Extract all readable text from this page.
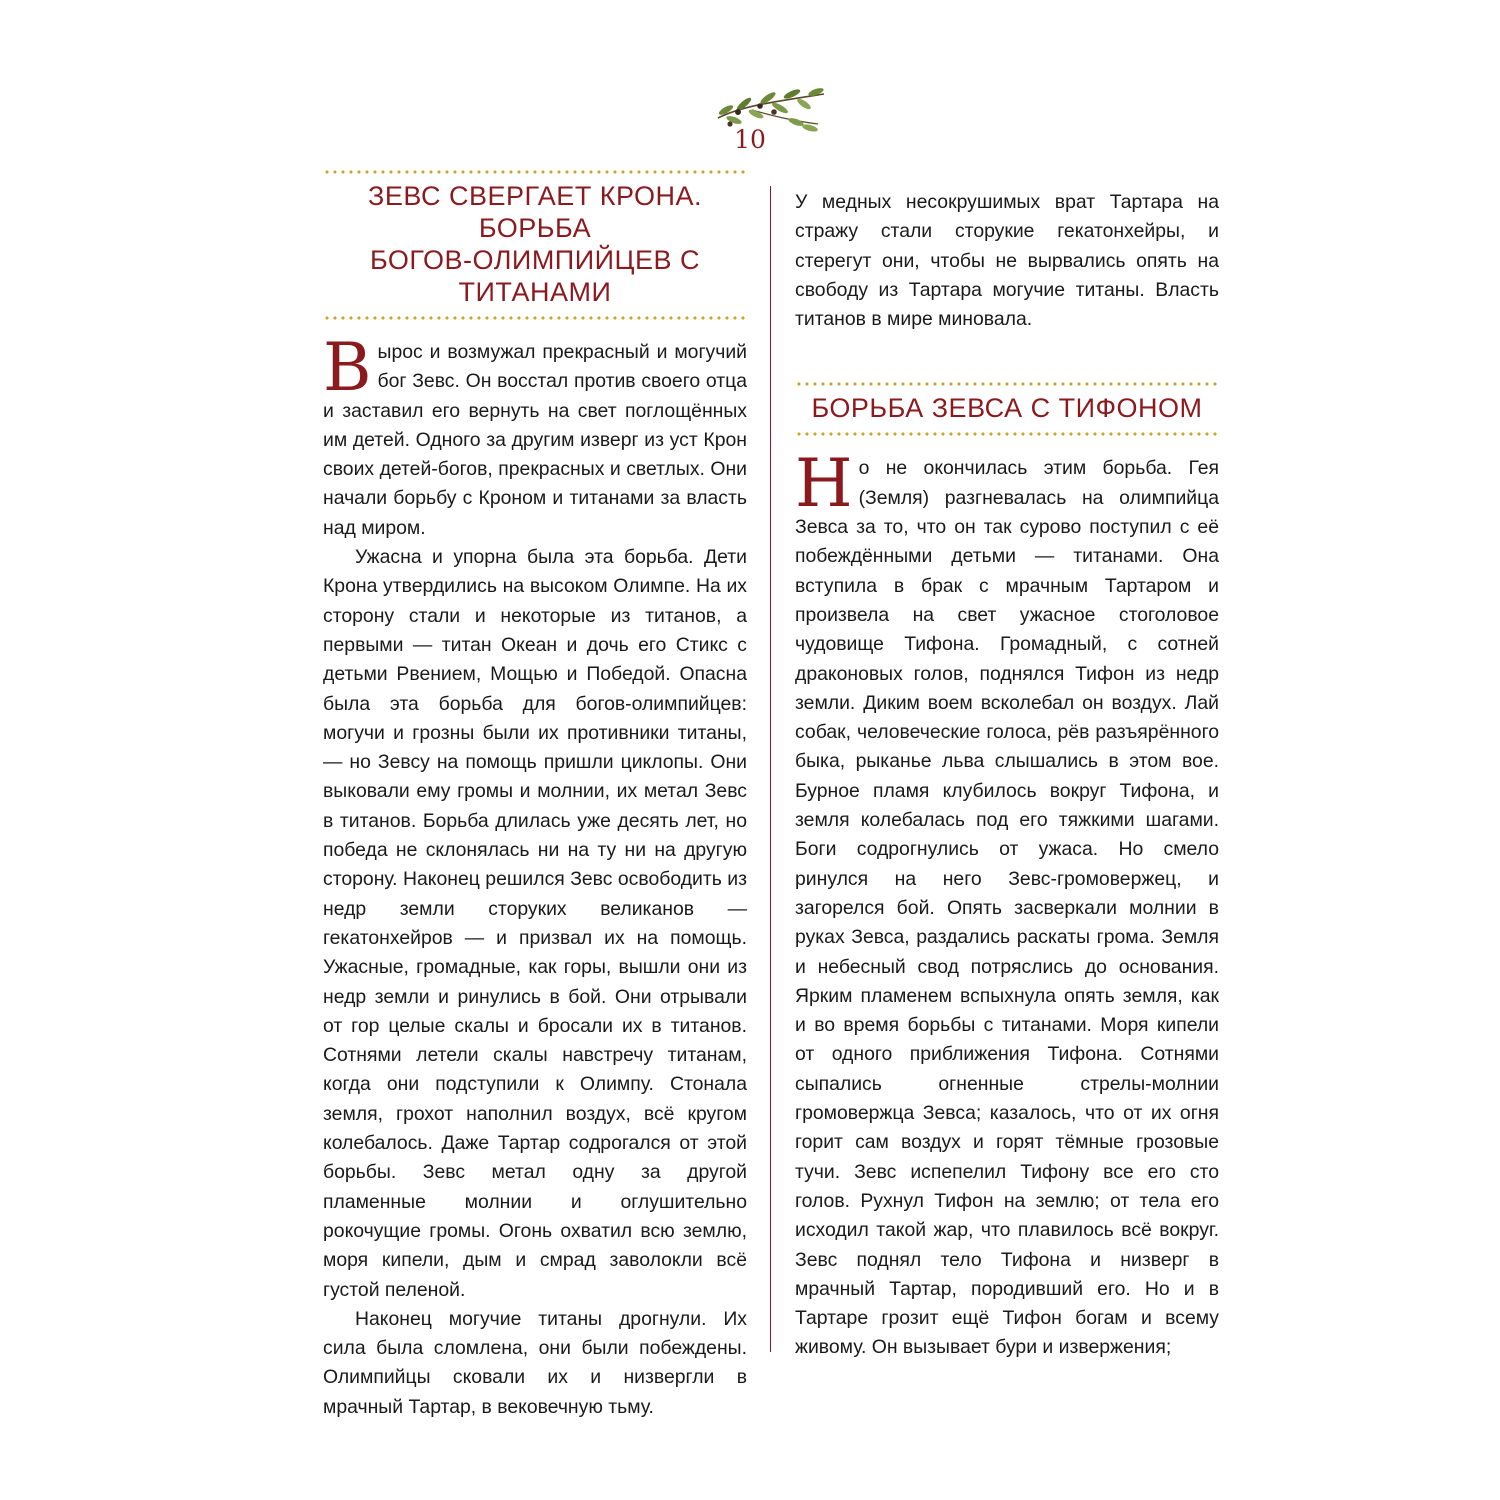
10
ЗЕВС СВЕРГАЕТ КРОНА. БОРЬБА
БОГОВ-ОЛИМПИЙЦЕВ С ТИТАНАМИ

Вырос и возмужал прекрасный и могучий бог Зевс. Он восстал против своего отца и заставил его вернуть на свет поглощённых им детей. Одного за другим изверг из уст Крон своих детей-богов, прекрасных и светлых. Они начали борьбу с Кроном и титанами за власть над миром.

Ужасна и упорна была эта борьба. Дети Крона утвердились на высоком Олимпе. На их сторону стали и некоторые из титанов, а первыми — титан Океан и дочь его Стикс с детьми Рвением, Мощью и Победой. Опасна была эта борьба для богов-олимпийцев: могучи и грозны были их противники титаны, — но Зевсу на помощь пришли циклопы. Они выковали ему громы и молнии, их метал Зевс в титанов. Борьба длилась уже десять лет, но победа не склонялась ни на ту ни на другую сторону. Наконец решился Зевс освободить из недр земли сторуких великанов — гекатонхейров — и призвал их на помощь. Ужасные, громадные, как горы, вышли они из недр земли и ринулись в бой. Они отрывали от гор целые скалы и бросали их в титанов. Сотнями летели скалы навстречу титанам, когда они подступили к Олимпу. Стонала земля, грохот наполнил воздух, всё кругом колебалось. Даже Тартар содрогался от этой борьбы. Зевс метал одну за другой пламенные молнии и оглушительно рокочущие громы. Огонь охватил всю землю, моря кипели, дым и смрад заволокли всё густой пеленой.

Наконец могучие титаны дрогнули. Их сила была сломлена, они были побеждены. Олимпийцы сковали их и низвергли в мрачный Тартар, в вековечную тьму.

У медных несокрушимых врат Тартара на стражу стали сторукие гекатонхейры, и стерегут они, чтобы не вырвались опять на свободу из Тартара могучие титаны. Власть титанов в мире миновала.

БОРЬБА ЗЕВСА С ТИФОНОМ

Но не окончилась этим борьба. Гея (Земля) разгневалась на олимпийца Зевса за то, что он так сурово поступил с её побеждёнными детьми — титанами. Она вступила в брак с мрачным Тартаром и произвела на свет ужасное стоголовое чудовище Тифона. Громадный, с сотней драконовых голов, поднялся Тифон из недр земли. Диким воем всколебал он воздух. Лай собак, человеческие голоса, рёв разъярённого быка, рыканье льва слышались в этом вое. Бурное пламя клубилось вокруг Тифона, и земля колебалась под его тяжкими шагами. Боги содрогнулись от ужаса. Но смело ринулся на него Зевс-громовержец, и загорелся бой. Опять засверкали молнии в руках Зевса, раздались раскаты грома. Земля и небесный свод потряслись до основания. Ярким пламенем вспыхнула опять земля, как и во время борьбы с титанами. Моря кипели от одного приближения Тифона. Сотнями сыпались огненные стрелы-молнии громовержца Зевса; казалось, что от их огня горит сам воздух и горят тёмные грозовые тучи. Зевс испепелил Тифону все его сто голов. Рухнул Тифон на землю; от тела его исходил такой жар, что плавилось всё вокруг. Зевс поднял тело Тифона и низверг в мрачный Тартар, породивший его. Но и в Тартаре грозит ещё Тифон богам и всему живому. Он вызывает бури и извержения;
